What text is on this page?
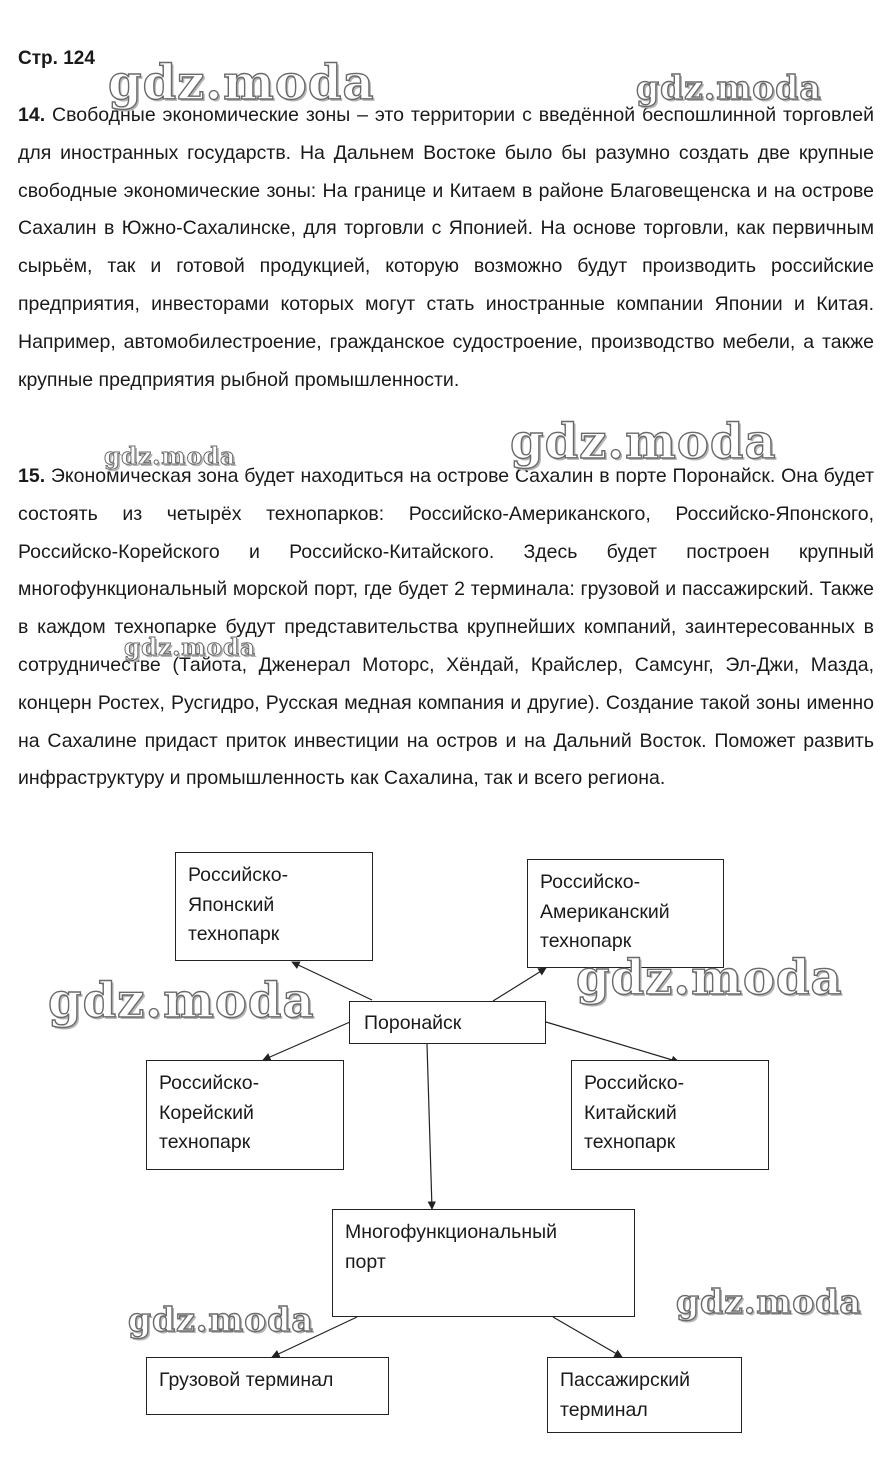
Стр. 124

14. Свободные экономические зоны – это территории с введённой беспошлинной торговлей для иностранных государств. На Дальнем Востоке было бы разумно создать две крупные свободные экономические зоны: На границе и Китаем в районе Благовещенска и на острове Сахалин в Южно-Сахалинске, для торговли с Японией. На основе торговли, как первичным сырьём, так и готовой продукцией, которую возможно будут производить российские предприятия, инвесторами которых могут стать иностранные компании Японии и Китая. Например, автомобилестроение, гражданское судостроение, производство мебели, а также крупные предприятия рыбной промышленности.

15. Экономическая зона будет находиться на острове Сахалин в порте Поронайск. Она будет состоять из четырёх технопарков: Российско-Американского, Российско-Японского, Российско-Корейского и Российско-Китайского. Здесь будет построен крупный многофункциональный морской порт, где будет 2 терминала: грузовой и пассажирский. Также в каждом технопарке будут представительства крупнейших компаний, заинтересованных в сотрудничестве (Тайота, Дженерал Моторс, Хёндай, Крайслер, Самсунг, Эл-Джи, Мазда, концерн Ростех, Русгидро, Русская медная компания и другие). Создание такой зоны именно на Сахалине придаст приток инвестиции на остров и на Дальний Восток. Поможет развить инфраструктуру и промышленность как Сахалина, так и всего региона.

Российско-
Японский
технопарк
Российско-
Американский
технопарк
Поронайск
Российско-
Корейский
технопарк
Российско-
Китайский
технопарк
Многофункциональный
порт
Грузовой терминал	Пассажирский
терминал
gdz.moda	gdz.moda
gdz.moda
gdz.moda
gdz.moda
gdz.moda
gdz.moda
gdz.moda
gdz.moda
